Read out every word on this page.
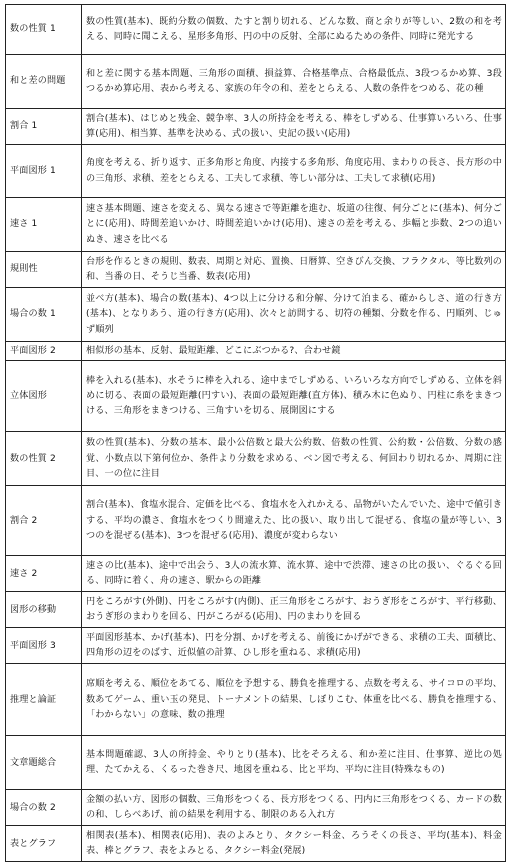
数の性質 1	数の性質(基本)、既約分数の個数、たすと割り切れる、どんな数、商と余りが等しい、2数の和を考える、同時に聞こえる、星形多角形、円の中の反射、全部にぬるための条件、同時に発光する
和と差の問題	和と差に関する基本問題、三角形の面積、損益算、合格基準点、合格最低点、3段つるかめ算、3段つるかめ算応用、表から考える、家族の年令の和、差をとらえる、人数の条件をつめる、花の種
割合 1	割合(基本)、はじめと残金、競争率、3人の所持金を考える、棒をしずめる、仕事算いろいろ、仕事算(応用)、相当算、基準を決める、式の扱い、史記の扱い(応用)
平面図形 1	角度を考える、折り返す、正多角形と角度、内接する多角形、角度応用、まわりの長さ、長方形の中の三角形、求積、差をとらえる、工夫して求積、等しい部分は、工夫して求積(応用)
速さ 1	速さ基本問題、速さを変える、異なる速さで等距離を進む、坂道の往復、何分ごとに(基本)、何分ごとに(応用)、時間差追いかけ、時間差追いかけ(応用)、速さの差を考える、歩幅と歩数、2つの追いぬき、速さを比べる
規則性	台形を作るときの規則、数表、周期と対応、置換、日暦算、空きびん交換、フラクタル、等比数列の和、当番の日、そうじ当番、数表(応用)
場合の数 1	並べ方(基本)、場合の数(基本)、4つ以上に分ける和分解、分けて泊まる、確からしさ、道の行き方(基本)、となりあう、道の行き方(応用)、次々と訪問する、切符の種類、分数を作る、円順列、じゅず順列
平面図形 2	相似形の基本、反射、最短距離、どこにぶつかる?、合わせ鏡
立体図形	棒を入れる(基本)、水そうに棒を入れる、途中までしずめる、いろいろな方向でしずめる、立体を斜めに切る、表面の最短距離(円すい)、表面の最短距離(直方体)、積み木に色ぬり、円柱に糸をまきつける、三角形をまきつける、三角すいを切る、展開図にする
数の性質 2	数の性質(基本)、分数の基本、最小公倍数と最大公約数、倍数の性質、公約数・公倍数、分数の感覚、小数点以下第何位か、条件より分数を求める、ベン図で考える、何回わり切れるか、周期に注目、一の位に注目
割合 2	割合(基本)、食塩水混合、定価を比べる、食塩水を入れかえる、品物がいたんでいた、途中で値引きする、平均の濃さ、食塩水をつくり間違えた、比の扱い、取り出して混ぜる、食塩の量が等しい、3つのを混ぜる(基本)、3つを混ぜる(応用)、濃度が変わらない
速さ 2	速さの比(基本)、途中で出会う、3人の流水算、流水算、途中で渋滞、速さの比の扱い、ぐるぐる回る、同時に着く、舟の速さ、駅からの距離
図形の移動	円をころがす(外側)、円をころがす(内側)、正三角形をころがす、おうぎ形をころがす、平行移動、おうぎ形のまわりを回る、円がころがる(応用)、円のまわりを回る
平面図形 3	平面図形基本、かげ(基本)、円を分割、かげを考える、前後にかげができる、求積の工夫、面積比、四角形の辺をのばす、近似値の計算、ひし形を重ねる、求積(応用)
推理と論証	席順を考える、順位をあてる、順位を予想する、勝負を推理する、点数を考える、サイコロの平均、数あてゲーム、重い玉の発見、トーナメントの結果、しぼりこむ、体重を比べる、勝負を推理する、「わからない」の意味、数の推理
文章題総合	基本問題確認、3人の所持金、やりとり(基本)、比をそろえる、和か差に注目、仕事算、逆比の処理、たてかえる、くるった巻き尺、地図を重ねる、比と平均、平均に注目(特殊なもの)
場合の数 2	金額の払い方、図形の個数、三角形をつくる、長方形をつくる、円内に三角形をつくる、カードの数の和、しらべあげ、前の結果を利用する、制限のある入れ方
表とグラフ	相関表(基本)、相関表(応用)、表のよみとり、タクシー料金、ろうそくの長さ、平均(基本)、料金表、棒とグラフ、表をよみとる、タクシー料金(発展)
